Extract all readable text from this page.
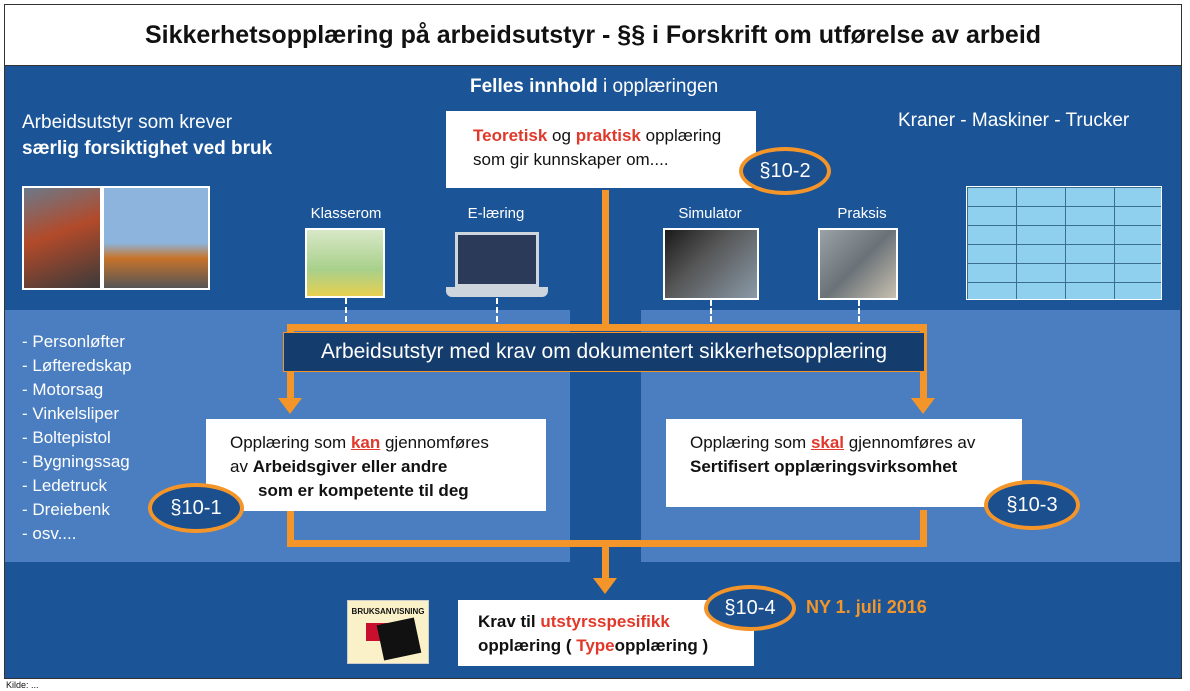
Sikkerhetsopplæring på arbeidsutstyr - §§ i Forskrift om utførelse av arbeid
Felles innhold i opplæringen
Arbeidsutstyr som krever
særlig forsiktighet ved bruk
Kraner - Maskiner - Trucker
Teoretisk og praktisk opplæring
som gir kunnskaper om....	§10-2
Klasserom	E-læring	Simulator	Praksis
Arbeidsutstyr med krav om dokumentert sikkerhetsopplæring
- Personløfter
- Løfteredskap
- Motorsag
- Vinkelsliper
- Boltepistol
- Bygningssag
- Ledetruck
- Dreiebenk
- osv....
Opplæring som kan gjennomføres
av Arbeidsgiver eller andre
som er kompetente til deg
§10-1
Opplæring som skal gjennomføres av
Sertifisert opplæringsvirksomhet
§10-3
BRUKSANVISNING
Krav til utstyrsspesifikk
opplæring ( Typeopplæring )
§10-4	NY 1. juli 2016
Kilde: ...
